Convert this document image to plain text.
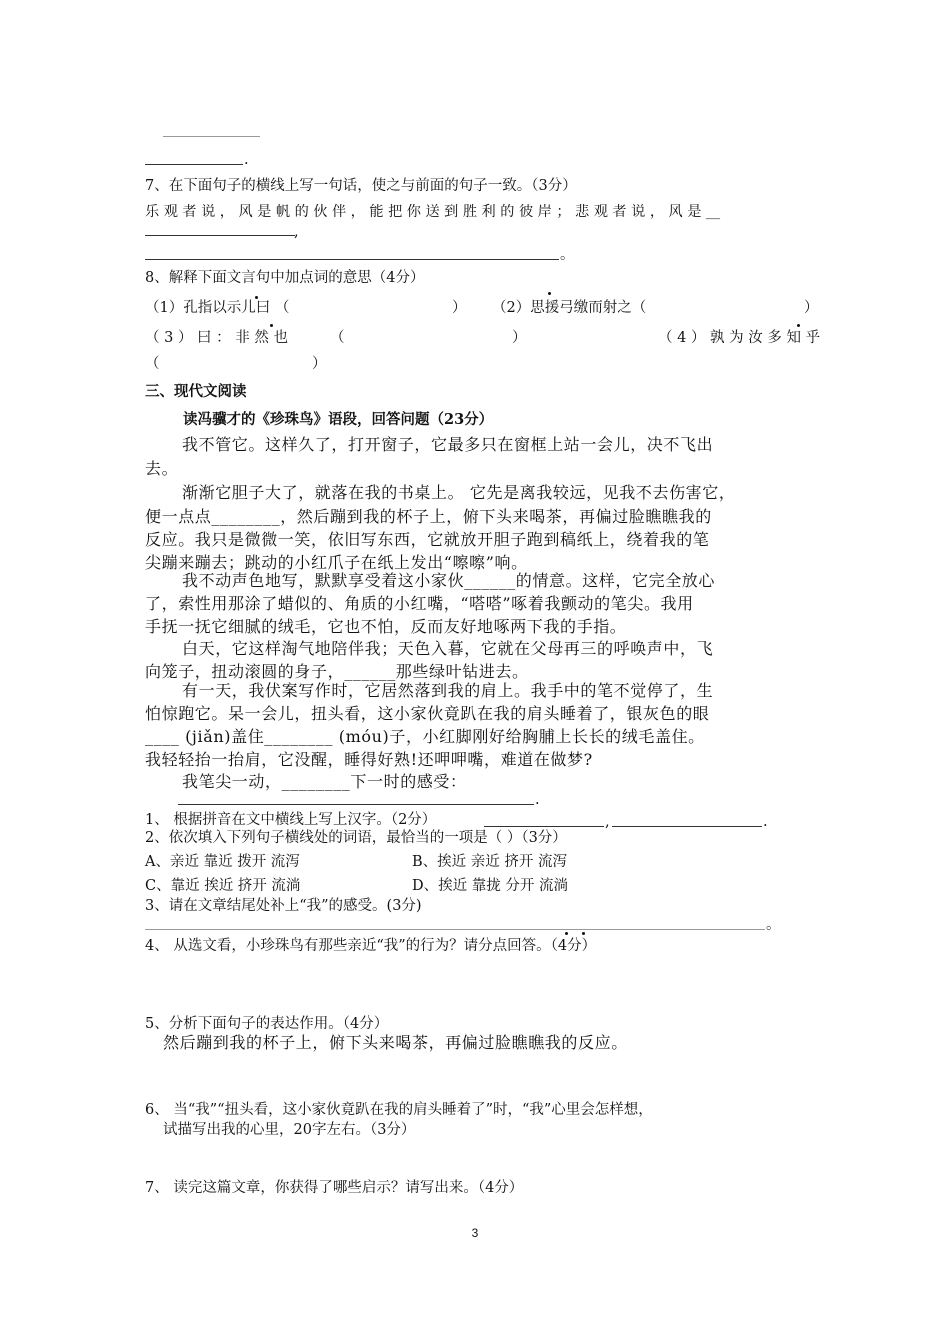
.
7、在下面句子的横线上写一句话，使之与前面的句子一致。（3分）
乐 观 者 说 ， 风 是 帆 的 伙 伴 ， 能 把 你 送 到 胜 利 的 彼 岸 ； 悲 观 者 说 ， 风 是 __
,
。
8、解释下面文言句中加点词的意思（4分）
（1）孔指以示儿曰 （	） （2）思援弓缴而射之（	）
（ 3 ） 曰 ： 非 然 也	（	）	（ 4 ） 孰 为 汝 多 知 乎
（	）
三、现代文阅读
读冯骥才的《珍珠鸟》语段，回答问题（23分）
我不管它。这样久了，打开窗子，它最多只在窗框上站一会儿，决不飞出
去。
渐渐它胆子大了，就落在我的书桌上。 它先是离我较远，见我不去伤害它，
便一点点________，然后蹦到我的杯子上，俯下头来喝茶，再偏过脸瞧瞧我的
反应。我只是微微一笑，依旧写东西，它就放开胆子跑到稿纸上，绕着我的笔
尖蹦来蹦去；跳动的小红爪子在纸上发出“嚓嚓”响。
我不动声色地写，默默享受着这小家伙______的情意。这样，它完全放心
了，索性用那涂了蜡似的、角质的小红嘴，“嗒嗒”啄着我颤动的笔尖。我用
手抚一抚它细腻的绒毛，它也不怕，反而友好地啄两下我的手指。
白天，它这样淘气地陪伴我；天色入暮，它就在父母再三的呼唤声中，飞
向笼子，扭动滚圆的身子，______那些绿叶钻进去。
有一天，我伏案写作时，它居然落到我的肩上。我手中的笔不觉停了，生
怕惊跑它。呆一会儿，扭头看，这小家伙竟趴在我的肩头睡着了，银灰色的眼
____ (jiǎn)盖住________ (móu)子，小红脚刚好给胸脯上长长的绒毛盖住。
我轻轻抬一抬肩，它没醒，睡得好熟!还呷呷嘴，难道在做梦?
我笔尖一动，________下一时的感受：
.
1、 根据拼音在文中横线上写上汉字。（2分）	,	.
2、依次填入下列句子横线处的词语，最恰当的一项是（ ）（3分）
A、亲近 靠近 拨开 流泻	B、挨近 亲近 挤开 流泻
C、靠近 挨近 挤开 流淌	D、挨近 靠拢 分开 流淌
3、请在文章结尾处补上“我”的感受。(3分)
。
4、 从选文看，小珍珠鸟有那些亲近“我”的行为？请分点回答。（4分）
5、分析下面句子的表达作用。（4分）
然后蹦到我的杯子上，俯下头来喝茶，再偏过脸瞧瞧我的反应。
6、 当“我”“扭头看，这小家伙竟趴在我的肩头睡着了”时，“我”心里会怎样想，
试描写出我的心里，20字左右。（3分）
7、 读完这篇文章，你获得了哪些启示？请写出来。（4分）
3
